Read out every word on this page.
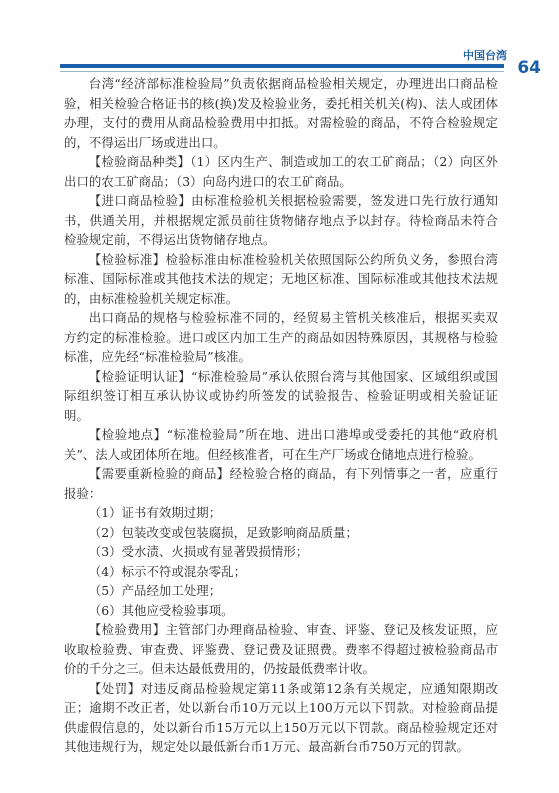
中国台湾
64

台湾“经济部标准检验局”负责依据商品检验相关规定，办理进出口商品检验，相关检验合格证书的核(换)发及检验业务，委托相关机关(构)、法人或团体办理，支付的费用从商品检验费用中扣抵。对需检验的商品，不符合检验规定的，不得运出厂场或进出口。

【检验商品种类】（1）区内生产、制造或加工的农工矿商品；（2）向区外出口的农工矿商品；（3）向岛内进口的农工矿商品。

【进口商品检验】由标准检验机关根据检验需要，签发进口先行放行通知书，供通关用，并根据规定派员前往货物储存地点予以封存。待检商品未符合检验规定前，不得运出货物储存地点。

【检验标准】检验标准由标准检验机关依照国际公约所负义务，参照台湾标准、国际标准或其他技术法的规定；无地区标准、国际标准或其他技术法规的，由标准检验机关规定标准。

出口商品的规格与检验标准不同的，经贸易主管机关核准后，根据买卖双方约定的标准检验。进口或区内加工生产的商品如因特殊原因，其规格与检验标准，应先经“标准检验局”核准。

【检验证明认证】“标准检验局”承认依照台湾与其他国家、区域组织或国际组织签订相互承认协议或协约所签发的试验报告、检验证明或相关验证证明。

【检验地点】“标准检验局”所在地、进出口港埠或受委托的其他“政府机关”、法人或团体所在地。但经核准者，可在生产厂场或仓储地点进行检验。

【需要重新检验的商品】经检验合格的商品，有下列情事之一者，应重行报验：

（1）证书有效期过期；

（2）包装改变或包装腐损，足致影响商品质量；

（3）受水渍、火损或有显著毁损情形；

（4）标示不符或混杂零乱；

（5）产品经加工处理；

（6）其他应受检验事项。

【检验费用】主管部门办理商品检验、审查、评鉴、登记及核发证照，应收取检验费、审查费、评鉴费、登记费及证照费。费率不得超过被检验商品市价的千分之三。但未达最低费用的，仍按最低费率计收。

【处罚】对违反商品检验规定第11条或第12条有关规定，应通知限期改正；逾期不改正者，处以新台币10万元以上100万元以下罚款。对检验商品提供虚假信息的，处以新台币15万元以上150万元以下罚款。商品检验规定还对其他违规行为，规定处以最低新台币1万元、最高新台币750万元的罚款。
